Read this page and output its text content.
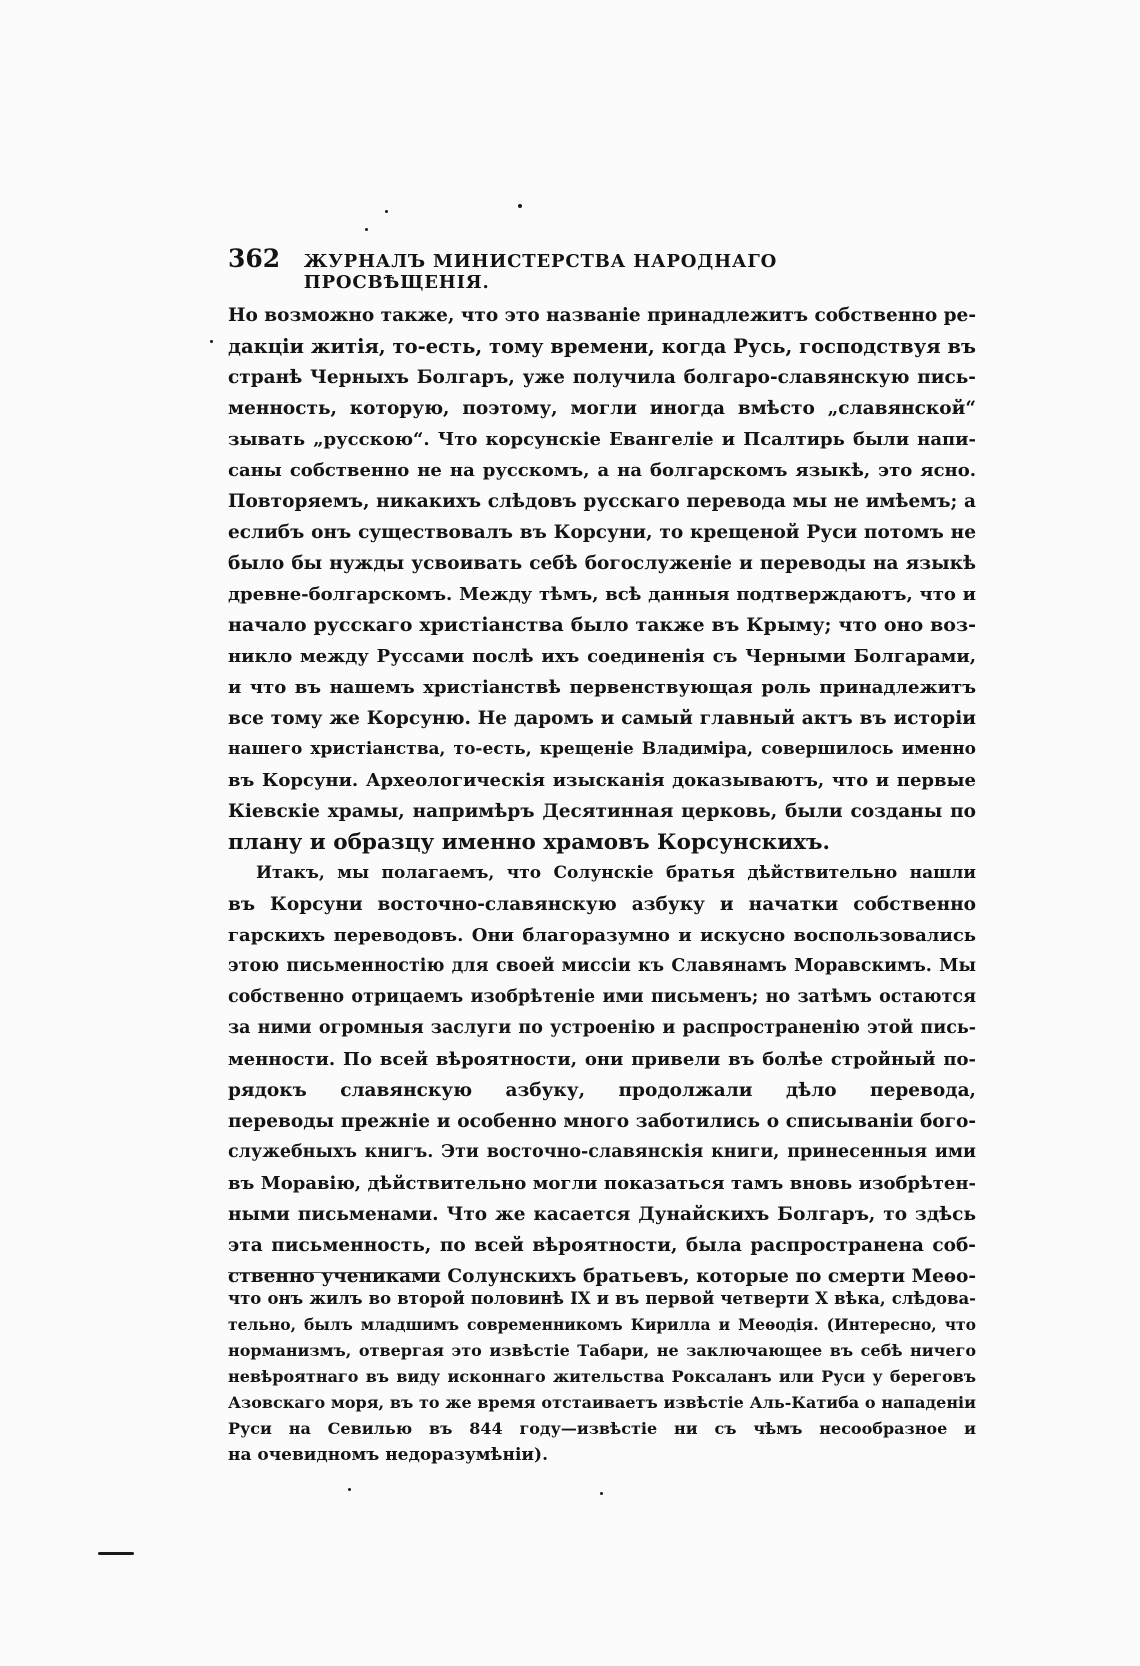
362	ЖУРНАЛЪ МИНИСТЕРСТВА НАРОДНАГО ПРОСВѢЩЕНІЯ.

Но возможно также, что это названіе принадлежитъ собственно ре-
дакціи житія, то-есть, тому времени, когда Русь, господствуя въ
странѣ Черныхъ Болгаръ, уже получила болгаро-славянскую пись-
менность, которую, поэтому, могли иногда вмѣсто „славянской“
зывать „русскою“. Что корсунскіе Евангеліе и Псалтирь были напи-
саны собственно не на русскомъ, а на болгарскомъ языкѣ, это ясно.
Повторяемъ, никакихъ слѣдовъ русскаго перевода мы не имѣемъ; а
еслибъ онъ существовалъ въ Корсуни, то крещеной Руси потомъ не
было бы нужды усвоивать себѣ богослуженіе и переводы на языкѣ
древне-болгарскомъ. Между тѣмъ, всѣ данныя подтверждаютъ, что и
начало русскаго христіанства было также въ Крыму; что оно воз-
никло между Руссами послѣ ихъ соединенія съ Черными Болгарами,
и что въ нашемъ христіанствѣ первенствующая роль принадлежитъ
все тому же Корсуню. Не даромъ и самый главный актъ въ исторіи
нашего христіанства, то-есть, крещеніе Владиміра, совершилось именно
въ Корсуни. Археологическія изысканія доказываютъ, что и первые
Кіевскіе храмы, напримѣръ Десятинная церковь, были созданы по
плану и образцу именно храмовъ Корсунскихъ.

Итакъ, мы полагаемъ, что Солунскіе братья дѣйствительно нашли
въ Корсуни восточно-славянскую азбуку и начатки собственно
гарскихъ переводовъ. Они благоразумно и искусно воспользовались
этою письменностію для своей миссіи къ Славянамъ Моравскимъ. Мы
собственно отрицаемъ изобрѣтеніе ими письменъ; но затѣмъ остаются
за ними огромныя заслуги по устроенію и распространенію этой пись-
менности. По всей вѣроятности, они привели въ болѣе стройный по-
рядокъ славянскую азбуку, продолжали дѣло перевода,
переводы прежніе и особенно много заботились о списываніи бого-
служебныхъ книгъ. Эти восточно-славянскія книги, принесенныя ими
въ Моравію, дѣйствительно могли показаться тамъ вновь изобрѣтен-
ными письменами. Что же касается Дунайскихъ Болгаръ, то здѣсь
эта письменность, по всей вѣроятности, была распространена соб-
ственно учениками Солунскихъ братьевъ, которые по смерти Меѳо-

что онъ жилъ во второй половинѣ IX и въ первой четверти X вѣка, слѣдова-
тельно, былъ младшимъ современникомъ Кирилла и Меѳодія. (Интересно, что
норманизмъ, отвергая это извѣстіе Табари, не заключающее въ себѣ ничего
невѣроятнаго въ виду исконнаго жительства Роксаланъ или Руси у береговъ
Азовскаго моря, въ то же время отстаиваетъ извѣстіе Аль-Катиба о нападеніи
Руси на Севилью въ 844 году—извѣстіе ни съ чѣмъ несообразное и
на очевидномъ недоразумѣніи).
